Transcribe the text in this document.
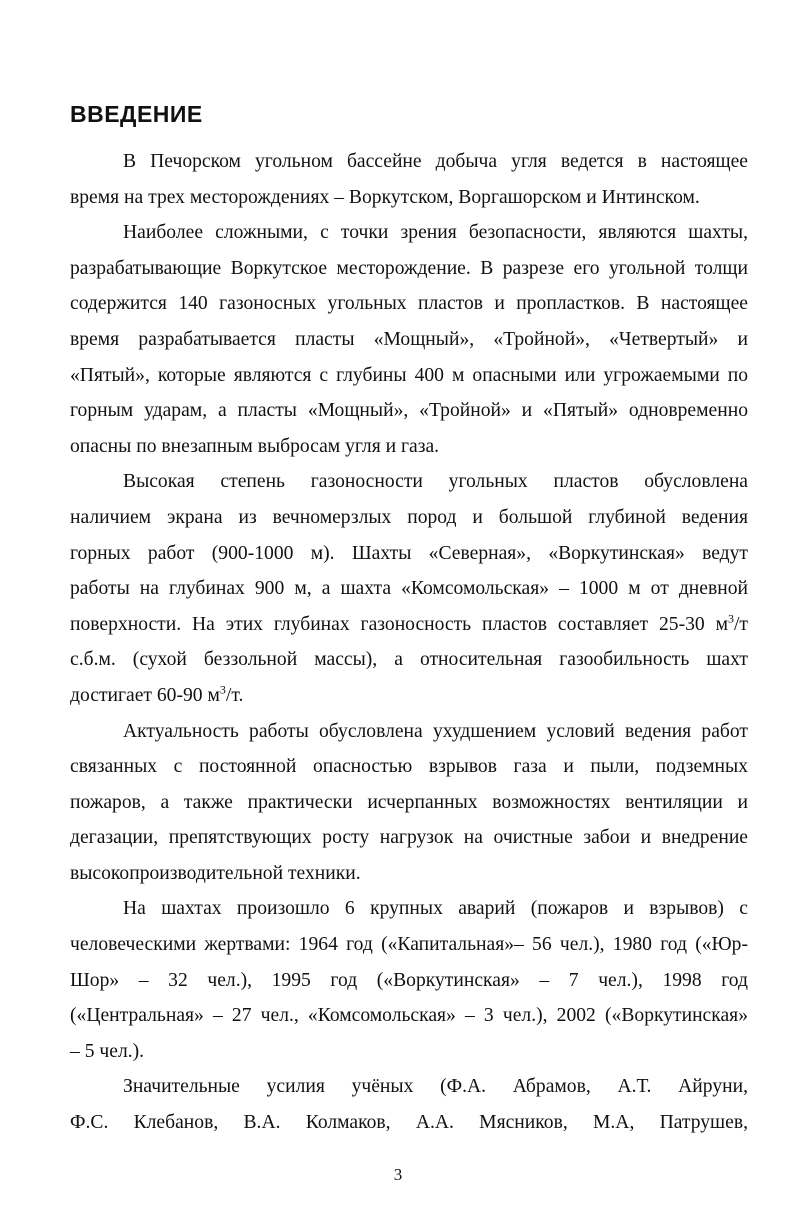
ВВЕДЕНИЕ
В Печорском угольном бассейне добыча угля ведется в настоящее
время на трех месторождениях – Воркутском, Воргашорском и Интинском.
Наиболее сложными, с точки зрения безопасности, являются шахты,
разрабатывающие Воркутское месторождение. В разрезе его угольной толщи
содержится 140 газоносных угольных пластов и пропластков. В настоящее
время разрабатывается пласты «Мощный», «Тройной», «Четвертый» и
«Пятый», которые являются с глубины 400 м опасными или угрожаемыми по
горным ударам, а пласты «Мощный», «Тройной» и «Пятый» одновременно
опасны по внезапным выбросам угля и газа.
Высокая степень газоносности угольных пластов обусловлена
наличием экрана из вечномерзлых пород и большой глубиной ведения
горных работ (900-1000 м). Шахты «Северная», «Воркутинская» ведут
работы на глубинах 900 м, а шахта «Комсомольская» – 1000 м от дневной
поверхности. На этих глубинах газоносность пластов составляет 25-30 $м^3/т$
с.б.м. (сухой беззольной массы), а относительная газообильность шахт
достигает 60-90 $м^3/т$.
Актуальность работы обусловлена ухудшением условий ведения работ
связанных с постоянной опасностью взрывов газа и пыли, подземных
пожаров, а также практически исчерпанных возможностях вентиляции и
дегазации, препятствующих росту нагрузок на очистные забои и внедрение
высокопроизводительной техники.
На шахтах произошло 6 крупных аварий (пожаров и взрывов) с
человеческими жертвами: 1964 год («Капитальная»– 56 чел.), 1980 год («Юр-
Шор» – 32 чел.), 1995 год («Воркутинская» – 7 чел.), 1998 год
(«Центральная» – 27 чел., «Комсомольская» – 3 чел.), 2002 («Воркутинская»
– 5 чел.).
Значительные усилия учёных (Ф.А. Абрамов, А.Т. Айруни,
Ф.С. Клебанов, В.А. Колмаков, А.А. Мясников, М.А, Патрушев,
3
